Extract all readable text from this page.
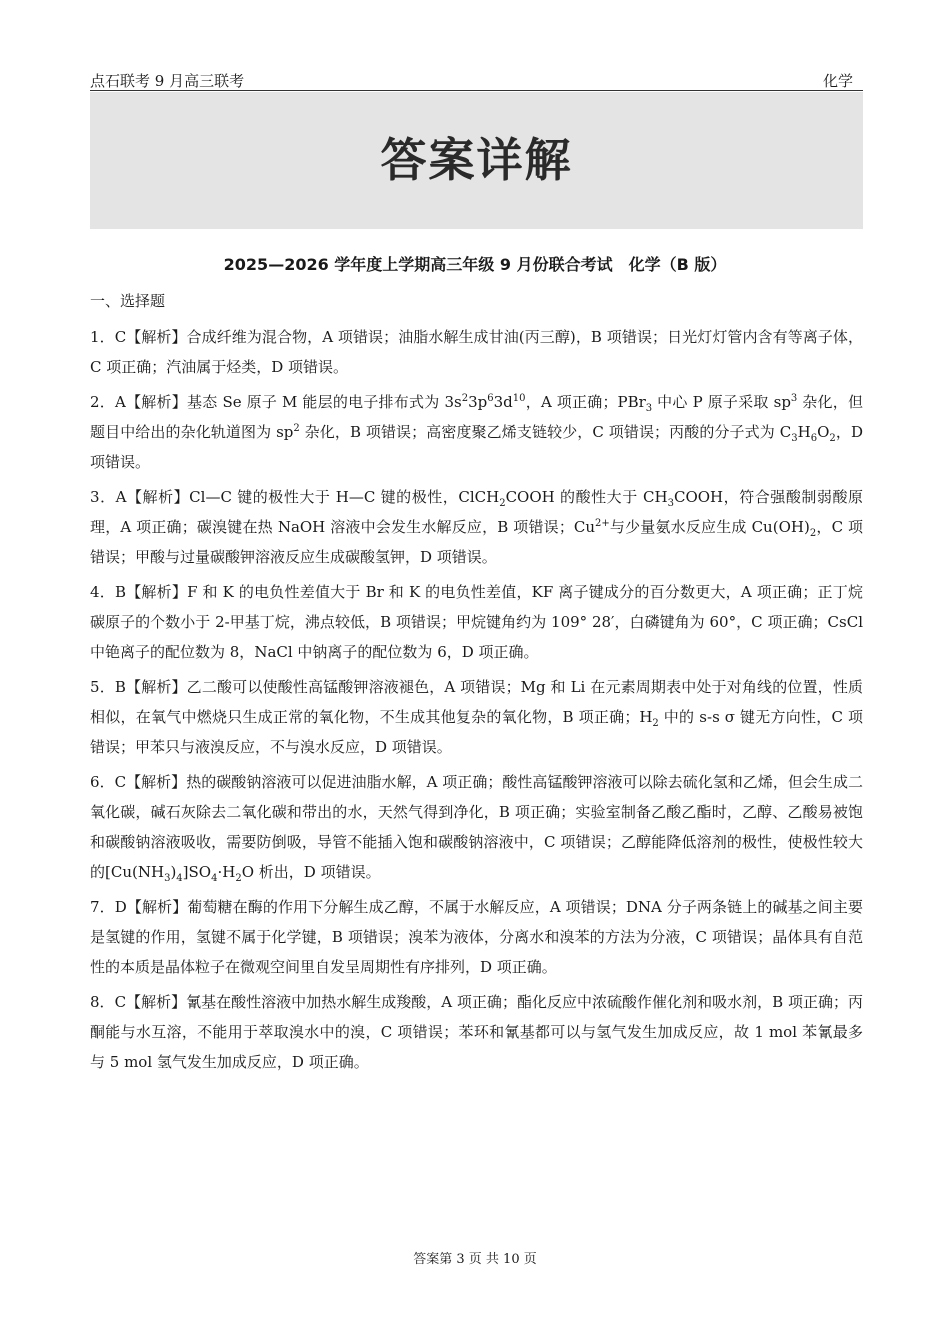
点石联考 9 月高三联考	化学
答案详解
2025—2026 学年度上学期高三年级 9 月份联合考试　化学（B 版）
一、选择题

1．C【解析】合成纤维为混合物，A 项错误；油脂水解生成甘油(丙三醇)，B 项错误；日光灯灯管内含有等离子体，C 项正确；汽油属于烃类，D 项错误。

2．A【解析】基态 Se 原子 M 能层的电子排布式为 $3s^23p^63d^{10}$，A 项正确；PBr$_3$ 中心 P 原子采取 $sp^3$ 杂化，但题目中给出的杂化轨道图为 $sp^2$ 杂化，B 项错误；高密度聚乙烯支链较少，C 项错误；丙酸的分子式为 $C_3H_6O_2$，D 项错误。

3．A【解析】Cl—C 键的极性大于 H—C 键的极性，ClCH$_2$COOH 的酸性大于 $CH_3COOH$，符合强酸制弱酸原理，A 项正确；碳溴键在热 NaOH 溶液中会发生水解反应，B 项错误；$Cu^{2+}$与少量氨水反应生成 $Cu(OH)_2$，C 项错误；甲酸与过量碳酸钾溶液反应生成碳酸氢钾，D 项错误。

4．B【解析】F 和 K 的电负性差值大于 Br 和 K 的电负性差值，KF 离子键成分的百分数更大，A 项正确；正丁烷碳原子的个数小于 2-甲基丁烷，沸点较低，B 项错误；甲烷键角约为 109° 28′，白磷键角为 60°，C 项正确；CsCl 中铯离子的配位数为 8，NaCl 中钠离子的配位数为 6，D 项正确。

5．B【解析】乙二酸可以使酸性高锰酸钾溶液褪色，A 项错误；Mg 和 Li 在元素周期表中处于对角线的位置，性质相似，在氧气中燃烧只生成正常的氧化物，不生成其他复杂的氧化物，B 项正确；$H_2$ 中的 s-s σ 键无方向性，C 项错误；甲苯只与液溴反应，不与溴水反应，D 项错误。

6．C【解析】热的碳酸钠溶液可以促进油脂水解，A 项正确；酸性高锰酸钾溶液可以除去硫化氢和乙烯，但会生成二氧化碳，碱石灰除去二氧化碳和带出的水，天然气得到净化，B 项正确；实验室制备乙酸乙酯时，乙醇、乙酸易被饱和碳酸钠溶液吸收，需要防倒吸，导管不能插入饱和碳酸钠溶液中，C 项错误；乙醇能降低溶剂的极性，使极性较大的$[Cu(NH_3)_4]SO_4\cdot H_2O$ 析出，D 项错误。

7．D【解析】葡萄糖在酶的作用下分解生成乙醇，不属于水解反应，A 项错误；DNA 分子两条链上的碱基之间主要是氢键的作用，氢键不属于化学键，B 项错误；溴苯为液体，分离水和溴苯的方法为分液，C 项错误；晶体具有自范性的本质是晶体粒子在微观空间里自发呈周期性有序排列，D 项正确。

8．C【解析】氰基在酸性溶液中加热水解生成羧酸，A 项正确；酯化反应中浓硫酸作催化剂和吸水剂，B 项正确；丙酮能与水互溶，不能用于萃取溴水中的溴，C 项错误；苯环和氰基都可以与氢气发生加成反应，故 1 mol 苯氰最多与 5 mol 氢气发生加成反应，D 项正确。

答案第 3 页 共 10 页
